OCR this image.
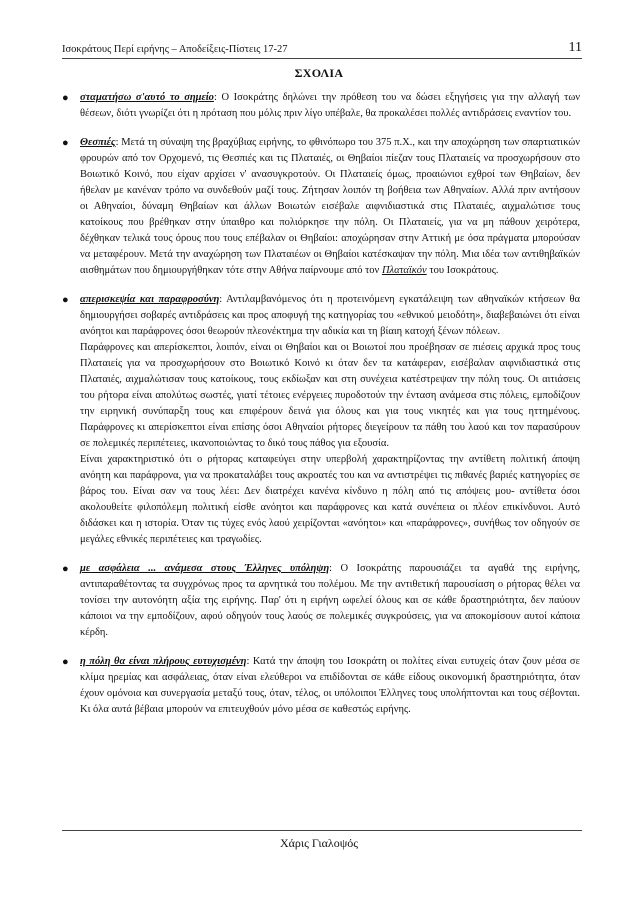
Ισοκράτους Περί ειρήνης – Αποδείξεις-Πίστεις 17-27	11
ΣΧΟΛΙΑ
● σταματήσω σ'αυτό το σημείο: Ο Ισοκράτης δηλώνει την πρόθεση του να δώσει εξηγήσεις για την αλλαγή των θέσεων, διότι γνωρίζει ότι η πρόταση που μόλις πριν λίγο υπέβαλε, θα προκαλέσει πολλές αντιδράσεις εναντίον του.

● Θεσπιές: Μετά τη σύναψη της βραχύβιας ειρήνης, το φθινόπωρο του 375 π.Χ., και την αποχώρηση των σπαρτιατικών φρουρών από τον Ορχομενό, τις Θεσπιές και τις Πλαταιές, οι Θηβαίοι πίεζαν τους Πλαταιείς να προσχωρήσουν στο Βοιωτικό Κοινό, που είχαν αρχίσει ν' ανασυγκροτούν. Οι Πλαταιείς όμως, προαιώνιοι εχθροί των Θηβαίων, δεν ήθελαν με κανέναν τρόπο να συνδεθούν μαζί τους. Ζήτησαν λοιπόν τη βοήθεια των Αθηναίων. Αλλά πριν αντήσουν οι Αθηναίοι, δύναμη Θηβαίων και άλλων Βοιωτών εισέβαλε αιφνιδιαστικά στις Πλαταιές, αιχμαλώτισε τους κατοίκους που βρέθηκαν στην ύπαιθρο και πολιόρκησε την πόλη. Οι Πλαταιείς, για να μη πάθουν χειρότερα, δέχθηκαν τελικά τους όρους που τους επέβαλαν οι Θηβαίοι: αποχώρησαν στην Αττική με όσα πράγματα μπορούσαν να μεταφέρουν. Μετά την αναχώρηση των Πλαταιέων οι Θηβαίοι κατέσκαψαν την πόλη. Μια ιδέα των αντιθηβαϊκών αισθημάτων που δημιουργήθηκαν τότε στην Αθήνα παίρνουμε από τον Πλαταϊκόν του Ισοκράτους.

● απερισκεψία και παραφροσύνη: Αντιλαμβανόμενος ότι η προτεινόμενη εγκατάλειψη των αθηναϊκών κτήσεων θα δημιουργήσει σοβαρές αντιδράσεις και προς αποφυγή της κατηγορίας του «εθνικού μειοδότη», διαβεβαιώνει ότι είναι ανόητοι και παράφρονες όσοι θεωρούν πλεονέκτημα την αδικία και τη βίαιη κατοχή ξένων πόλεων.

Παράφρονες και απερίσκεπτοι, λοιπόν, είναι οι Θηβαίοι και οι Βοιωτοί που προέβησαν σε πιέσεις αρχικά προς τους Πλαταιείς για να προσχωρήσουν στο Βοιωτικό Κοινό κι όταν δεν τα κατάφεραν, εισέβαλαν αιφνιδιαστικά στις Πλαταιές, αιχμαλώτισαν τους κατοίκους, τους εκδίωξαν και στη συνέχεια κατέστρεψαν την πόλη τους. Οι αιτιάσεις του ρήτορα είναι απολύτως σωστές, γιατί τέτοιες ενέργειες πυροδοτούν την ένταση ανάμεσα στις πόλεις, εμποδίζουν την ειρηνική συνύπαρξη τους και επιφέρουν δεινά για όλους και για τους νικητές και για τους ηττημένους. Παράφρονες κι απερίσκεπτοι είναι επίσης όσοι Αθηναίοι ρήτορες διεγείρουν τα πάθη του λαού και τον παρασύρουν σε πολεμικές περιπέτειες, ικανοποιώντας το δικό τους πάθος για εξουσία.

Είναι χαρακτηριστικό ότι ο ρήτορας καταφεύγει στην υπερβολή χαρακτηρίζοντας την αντίθετη πολιτική άποψη ανόητη και παράφρονα, για να προκαταλάβει τους ακροατές του και να αντιστρέψει τις πιθανές βαριές κατηγορίες σε βάρος του. Είναι σαν να τους λέει: Δεν διατρέχει κανένα κίνδυνο η πόλη από τις απόψεις μου- αντίθετα όσοι ακολουθείτε φιλοπόλεμη πολιτική είσθε ανόητοι και παράφρονες και κατά συνέπεια οι πλέον επικίνδυνοι. Αυτό διδάσκει και η ιστορία. Όταν τις τύχες ενός λαού χειρίζονται «ανόητοι» και «παράφρονες», συνήθως τον οδηγούν σε μεγάλες εθνικές περιπέτειες και τραγωδίες.

● με ασφάλεια ... ανάμεσα στους Έλληνες υπόληψη: Ο Ισοκράτης παρουσιάζει τα αγαθά της ειρήνης, αντιπαραθέτοντας τα συγχρόνως προς τα αρνητικά του πολέμου. Με την αντιθετική παρουσίαση ο ρήτορας θέλει να τονίσει την αυτονόητη αξία της ειρήνης. Παρ' ότι η ειρήνη ωφελεί όλους και σε κάθε δραστηριότητα, δεν παύουν κάποιοι να την εμποδίζουν, αφού οδηγούν τους λαούς σε πολεμικές συγκρούσεις, για να αποκομίσουν αυτοί κάποια κέρδη.

● η πόλη θα είναι πλήρους ευτυχισμένη: Κατά την άποψη του Ισοκράτη οι πολίτες είναι ευτυχείς όταν ζουν μέσα σε κλίμα ηρεμίας και ασφάλειας, όταν είναι ελεύθεροι να επιδίδονται σε κάθε είδους οικονομική δραστηριότητα, όταν έχουν ομόνοια και συνεργασία μεταξύ τους, όταν, τέλος, οι υπόλοιποι Έλληνες τους υπολήπτονται και τους σέβονται. Κι όλα αυτά βέβαια μπορούν να επιτευχθούν μόνο μέσα σε καθεστώς ειρήνης.

Χάρις Γιαλοψός
